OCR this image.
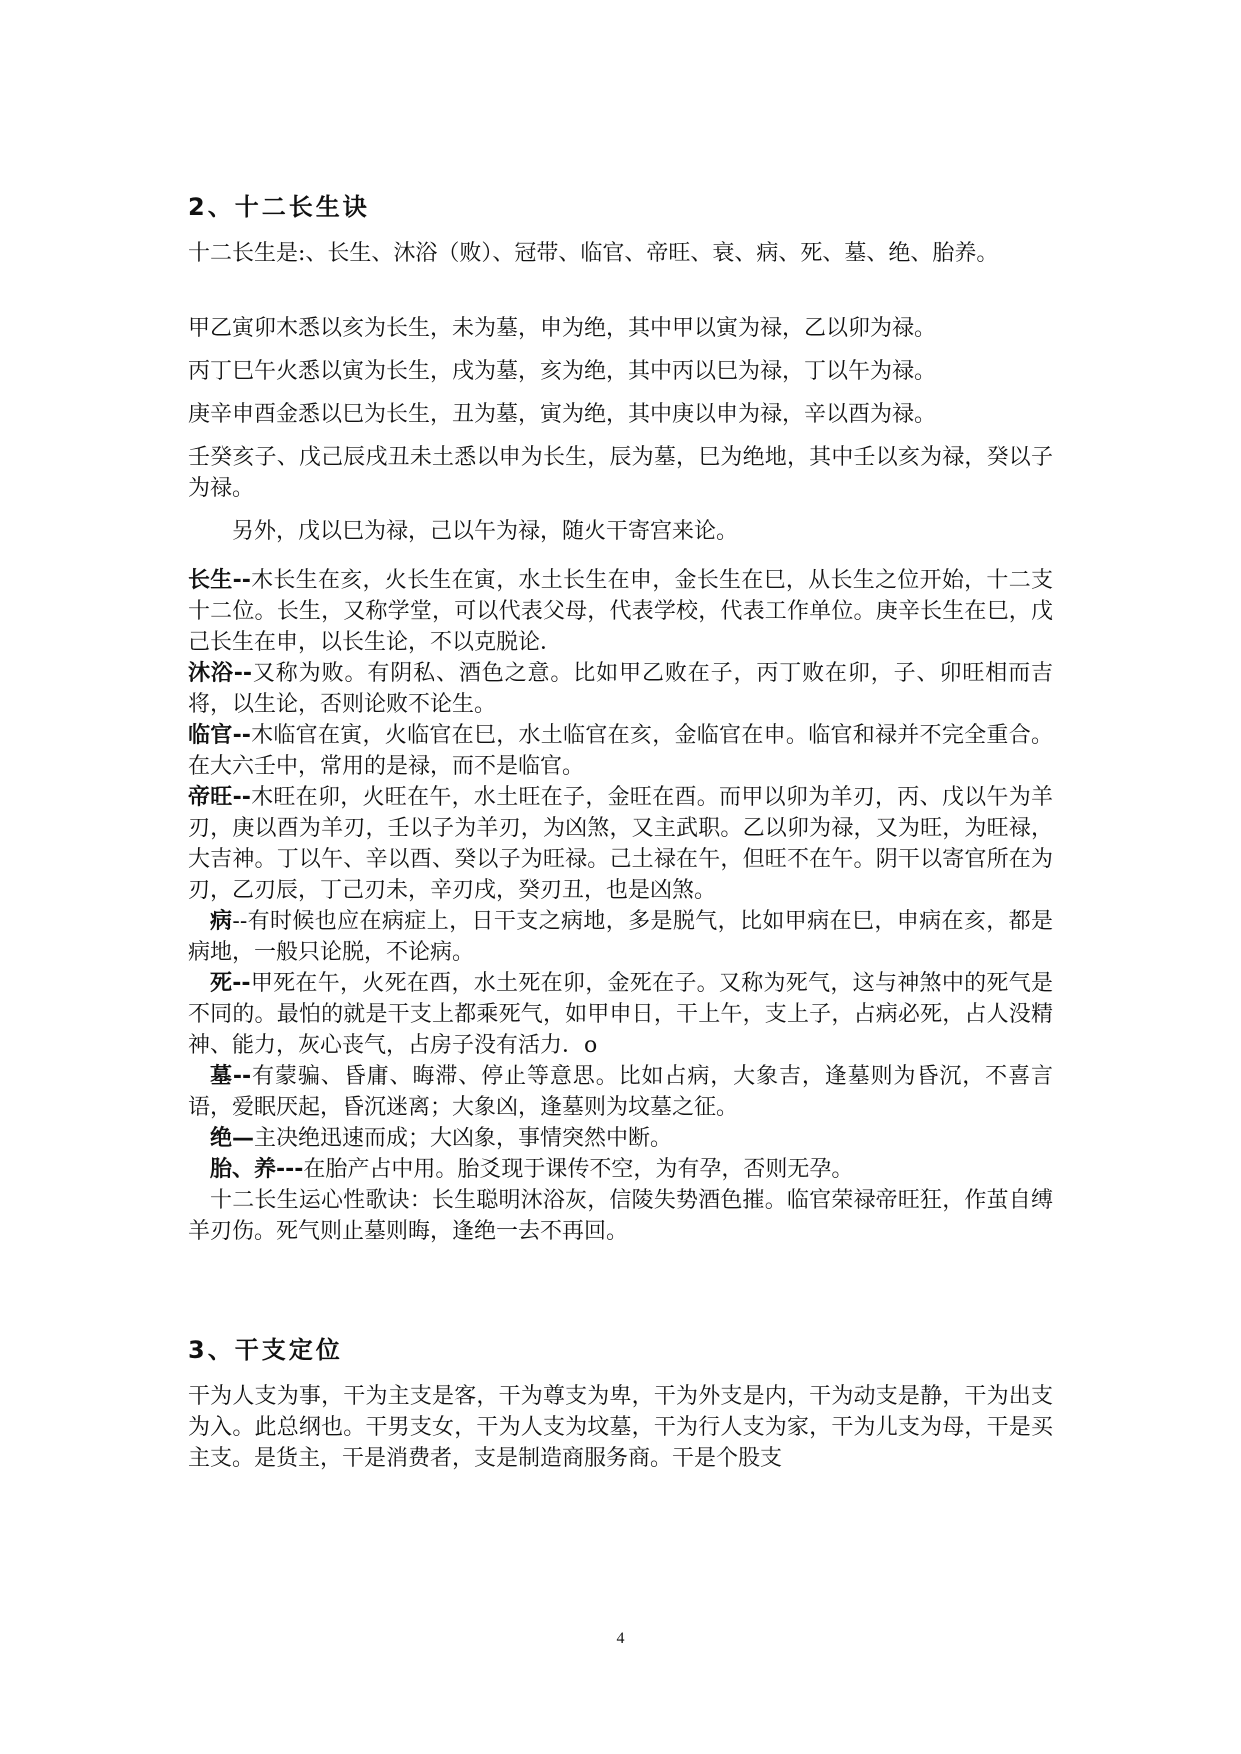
2、十二长生诀

十二长生是:、长生、沐浴（败）、冠带、临官、帝旺、衰、病、死、墓、绝、胎养。

甲乙寅卯木悉以亥为长生，未为墓，申为绝，其中甲以寅为禄，乙以卯为禄。

丙丁巳午火悉以寅为长生，戌为墓，亥为绝，其中丙以巳为禄，丁以午为禄。

庚辛申酉金悉以巳为长生，丑为墓，寅为绝，其中庚以申为禄，辛以酉为禄。

壬癸亥子、戊己辰戌丑未土悉以申为长生，辰为墓，巳为绝地，其中壬以亥为禄，癸以子为禄。

另外，戊以巳为禄，己以午为禄，随火干寄宫来论。

长生--木长生在亥，火长生在寅，水土长生在申，金长生在巳，从长生之位开始，十二支十二位。长生，又称学堂，可以代表父母，代表学校，代表工作单位。庚辛长生在巳，戊己长生在申，以长生论，不以克脱论．

沐浴--又称为败。有阴私、酒色之意。比如甲乙败在子，丙丁败在卯，子、卯旺相而吉将，以生论，否则论败不论生。

临官--木临官在寅，火临官在巳，水土临官在亥，金临官在申。临官和禄并不完全重合。在大六壬中，常用的是禄，而不是临官。

帝旺--木旺在卯，火旺在午，水土旺在子，金旺在酉。而甲以卯为羊刃，丙、戊以午为羊刃，庚以酉为羊刃，壬以子为羊刃，为凶煞，又主武职。乙以卯为禄，又为旺，为旺禄，大吉神。丁以午、辛以酉、癸以子为旺禄。己土禄在午，但旺不在午。阴干以寄官所在为刃，乙刃辰，丁己刃未，辛刃戌，癸刃丑，也是凶煞。

病--有时候也应在病症上，日干支之病地，多是脱气，比如甲病在巳，申病在亥，都是病地，一般只论脱，不论病。

死--甲死在午，火死在酉，水土死在卯，金死在子。又称为死气，这与神煞中的死气是不同的。最怕的就是干支上都乘死气，如甲申日，干上午，支上子，占病必死，占人没精神、能力，灰心丧气，占房子没有活力．o

墓--有蒙骗、昏庸、晦滞、停止等意思。比如占病，大象吉，逢墓则为昏沉，不喜言语，爱眠厌起，昏沉迷离；大象凶，逢墓则为坟墓之征。

绝—主决绝迅速而成；大凶象，事情突然中断。

胎、养---在胎产占中用。胎爻现于课传不空，为有孕，否则无孕。

十二长生运心性歌诀：长生聪明沐浴灰，信陵失势酒色摧。临官荣禄帝旺狂，作茧自缚羊刃伤。死气则止墓则晦，逢绝一去不再回。

3、干支定位

干为人支为事，干为主支是客，干为尊支为卑，干为外支是内，干为动支是静，干为出支为入。此总纲也。干男支女，干为人支为坟墓，干为行人支为家，干为儿支为母，干是买主支。是货主，干是消费者，支是制造商服务商。干是个股支

4
